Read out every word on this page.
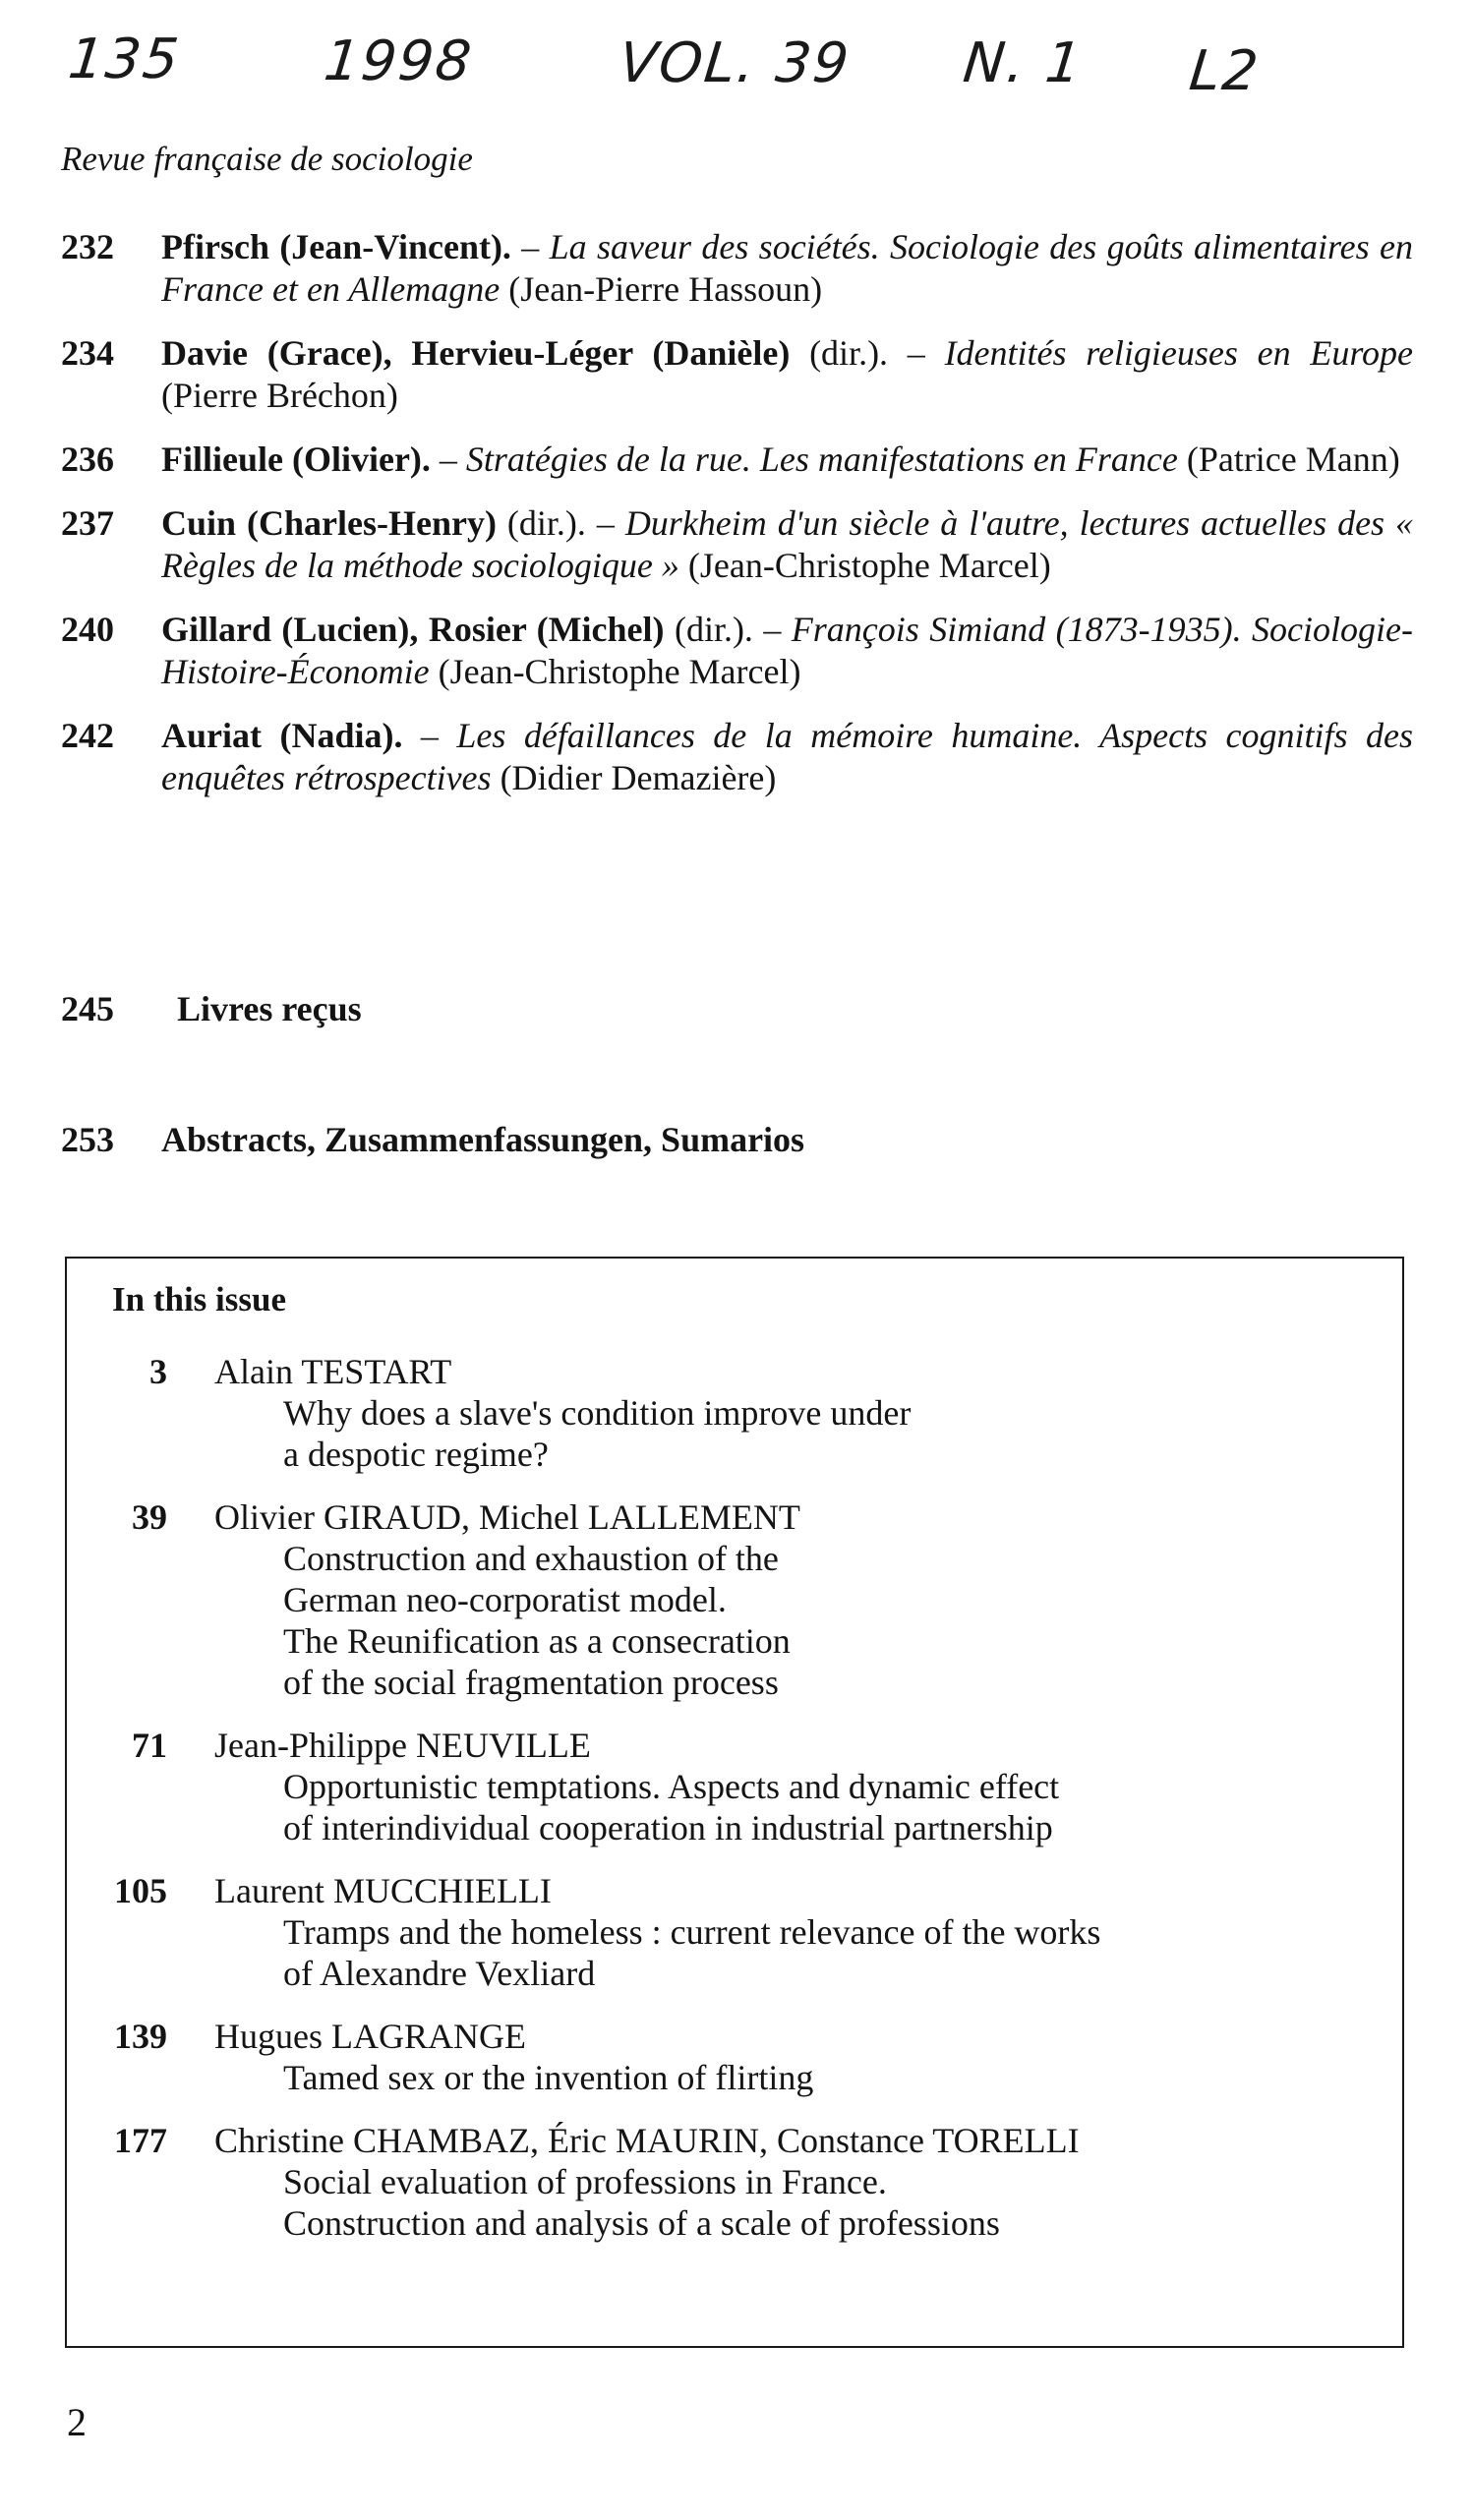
135	1998	VOL. 39 N. 1 L2
Revue française de sociologie
232	Pfirsch (Jean-Vincent). – La saveur des sociétés. Sociologie des goûts alimentaires en France et en Allemagne (Jean-Pierre Hassoun)
234	Davie (Grace), Hervieu-Léger (Danièle) (dir.). – Identités religieuses en Europe (Pierre Bréchon)
236	Fillieule (Olivier). – Stratégies de la rue. Les manifestations en France (Patrice Mann)
237	Cuin (Charles-Henry) (dir.). – Durkheim d'un siècle à l'autre, lectures actuelles des « Règles de la méthode sociologique » (Jean-Christophe Marcel)
240	Gillard (Lucien), Rosier (Michel) (dir.). – François Simiand (1873-1935). Sociologie-Histoire-Économie (Jean-Christophe Marcel)
242	Auriat (Nadia). – Les défaillances de la mémoire humaine. Aspects cognitifs des enquêtes rétrospectives (Didier Demazière)
245	Livres reçus
253	Abstracts, Zusammenfassungen, Sumarios
In this issue
3 Alain TESTART
Why does a slave's condition improve under
a despotic regime?
39 Olivier GIRAUD, Michel LALLEMENT
Construction and exhaustion of the
German neo-corporatist model.
The Reunification as a consecration
of the social fragmentation process
71 Jean-Philippe NEUVILLE
Opportunistic temptations. Aspects and dynamic effect
of interindividual cooperation in industrial partnership
105 Laurent MUCCHIELLI
Tramps and the homeless : current relevance of the works
of Alexandre Vexliard
139 Hugues LAGRANGE
Tamed sex or the invention of flirting
177 Christine CHAMBAZ, Éric MAURIN, Constance TORELLI
Social evaluation of professions in France.
Construction and analysis of a scale of professions
2
